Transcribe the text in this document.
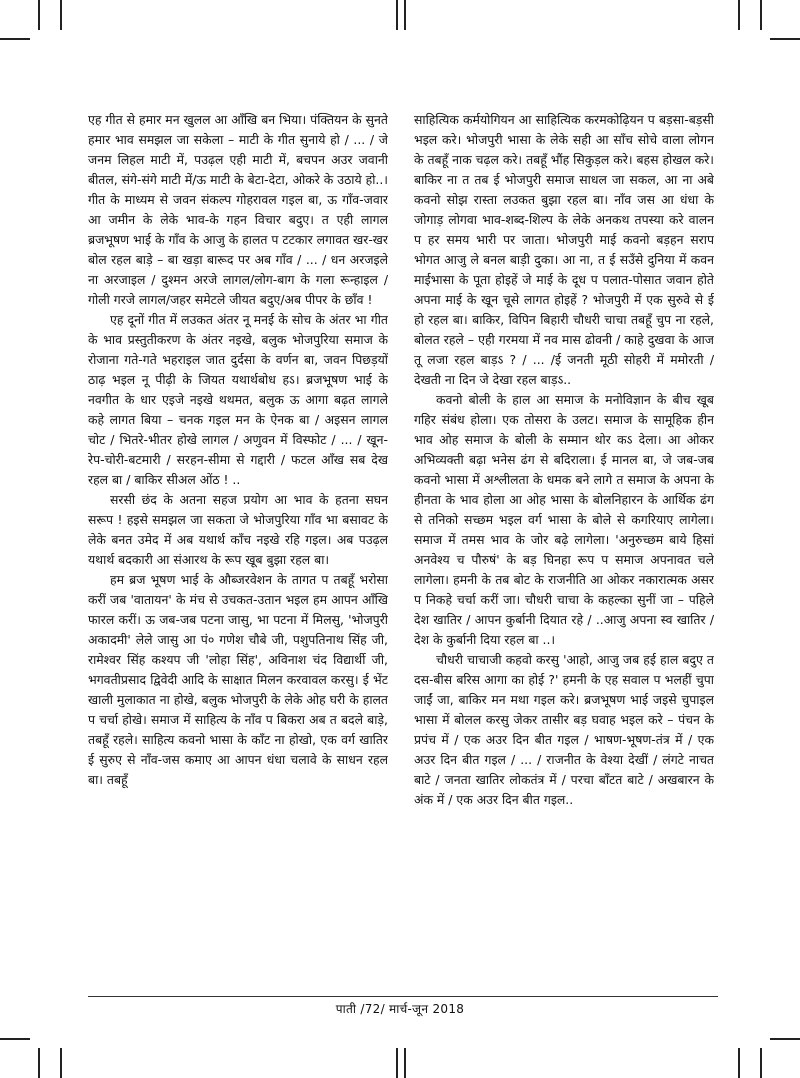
एह गीत से हमार मन खुलल आ आँखि बन भिया। पंक्तियन के सुनते हमार भाव समझल जा सकेला – माटी के गीत सुनाये हो / ... / जे जनम लिहल माटी में, पउढ़ल एही माटी में, बचपन अउर जवानी बीतल, संगे-संगे माटी में/ऊ माटी के बेटा-देटा, ओकरे के उठाये हो..। गीत के माध्यम से जवन संकल्प गोहरावल गइल बा, ऊ गाँव-जवार आ जमीन के लेके भाव-के गहन विचार बदुए। त एही लागल ब्रजभूषण भाई के गाँव के आजु के हालत प टटकार लगावत खर-खर बोल रहल बाड़े – बा खड़ा बारूद पर अब गाँव / ... / धन अरजइले ना अरजाइल / दुश्मन अरजे लागल/लोग-बाग के गला रून्हाइल / गोली गरजे लागल/जहर समेटले जीयत बदुए/अब पीपर के छाँव !

एह दूनों गीत में लउकत अंतर नू मनई के सोच के अंतर भा गीत के भाव प्रस्तुतीकरण के अंतर नइखे, बलुक भोजपुरिया समाज के रोजाना गते-गते भहराइल जात दुर्दसा के वर्णन बा, जवन पिछड़यों ठाढ़ भइल नू पीढ़ी के जियत यथार्थबोध हऽ। ब्रजभूषण भाई के नवगीत के धार एइजे नइखे थथमत, बलुक ऊ आगा बढ़त लागले कहे लागत बिया – चनक गइल मन के ऐनक बा / अइसन लागल चोट / भितरे-भीतर होखे लागल / अणुवन में विस्फोट / ... / खून-रेप-चोरी-बटमारी / सरहन-सीमा से गद्दारी / फटल आँख सब देख रहल बा / बाकिर सीअल ओंठ ! ..

सरसी छंद के अतना सहज प्रयोग आ भाव के हतना सघन सरूप ! हइसे समझल जा सकता जे भोजपुरिया गाँव भा बसावट के लेके बनत उमेद में अब यथार्थ काँच नइखे रहि गइल। अब पउढ़ल यथार्थ बदकारी आ संआरथ के रूप खूब बुझा रहल बा।

हम ब्रज भूषण भाई के औब्जरवेशन के तागत प तबहूँ भरोसा करीं जब 'वातायन' के मंच से उचकत-उतान भइल हम आपन आँखि फारल करीं। ऊ जब-जब पटना जासु, भा पटना में मिलसु, 'भोजपुरी अकादमी' लेले जासु आ पं० गणेश चौबे जी, पशुपतिनाथ सिंह जी, रामेश्वर सिंह कश्यप जी 'लोहा सिंह', अविनाश चंद विद्यार्थी जी, भगवतीप्रसाद द्विवेदी आदि के साक्षात मिलन करवावल करसु। ई भेंट खाली मुलाकात ना होखे, बलुक भोजपुरी के लेके ओह घरी के हालत प चर्चा होखे। समाज में साहित्य के नाँव प बिकरा अब त बदले बाड़े, तबहूँ रहले। साहित्य कवनो भासा के काँट ना होखो, एक वर्ग खातिर ई सुरुए से नाँव-जस कमाए आ आपन धंधा चलावे के साधन रहल बा। तबहूँ

साहित्यिक कर्मयोगियन आ साहित्यिक करमकोढ़ियन प बड़सा-बड़सी भइल करे। भोजपुरी भासा के लेके सही आ साँच सोचे वाला लोगन के तबहूँ नाक चढ़ल करे। तबहूँ भौंह सिकुड़ल करे। बहस होखल करे। बाकिर ना त तब ई भोजपुरी समाज साधल जा सकल, आ ना अबे कवनो सोझ रास्ता लउकत बुझा रहल बा। नाँव जस आ धंधा के जोगाड़ लोगवा भाव-शब्द-शिल्प के लेके अनकथ तपस्या करे वालन प हर समय भारी पर जाता। भोजपुरी माई कवनो बड़हन सराप भोगत आजु ले बनल बाड़ी दुका। आ ना, त ई सउँसे दुनिया में कवन माईभासा के पूता होइहें जे माई के दूध प पलात-पोसात जवान होते अपना माई के खून चूसे लागत होइहें ? भोजपुरी में एक सुरुवे से ई हो रहल बा। बाकिर, विपिन बिहारी चौधरी चाचा तबहूँ चुप ना रहले, बोलत रहले – एही गरमया में नव मास ढोवनी / काहे दुखवा के आज तू लजा रहल बाड़ऽ ? / ... /ई जनती मूठी सोहरी में ममोरती / देखती ना दिन जे देखा रहल बाड़ऽ..

कवनो बोली के हाल आ समाज के मनोविज्ञान के बीच खूब गहिर संबंध होला। एक तोसरा के उलट। समाज के सामूहिक हीन भाव ओह समाज के बोली के सम्मान थोर कऽ देला। आ ओकर अभिव्यक्ती बढ़ा भनेस ढंग से बदिराला। ई मानल बा, जे जब-जब कवनो भासा में अश्लीलता के धमक बने लागे त समाज के अपना के हीनता के भाव होला आ ओह भासा के बोलनिहारन के आर्थिक ढंग से तनिको सच्छम भइल वर्ग भासा के बोले से कगरियाए लागेला। समाज में तमस भाव के जोर बढ़े लागेला। 'अनुरुच्छम बाये हिसां अनवेश्य च पौरुषं' के बड़ घिनहा रूप प समाज अपनावत चले लागेला। हमनी के तब बोट के राजनीति आ ओकर नकारात्मक असर प निकहे चर्चा करीं जा। चौधरी चाचा के कहल्का सुनीं जा – पहिले देश खातिर / आपन कुर्बानी दियात रहे / ..आजु अपना स्व खातिर / देश के कुर्बानी दिया रहल बा ..।

चौधरी चाचाजी कहवो करसु 'आहो, आजु जब हई हाल बदुए त दस-बीस बरिस आगा का होई ?' हमनी के एह सवाल प भलहीं चुपा जाईं जा, बाकिर मन मथा गइल करे। ब्रजभूषण भाई जइसे चुपाइल भासा में बोलल करसु जेकर तासीर बड़ घवाह भइल करे – पंचन के प्रपंच में / एक अउर दिन बीत गइल / भाषण-भूषण-तंत्र में / एक अउर दिन बीत गइल / ... / राजनीत के वेश्या देखीं / लंगटे नाचत बाटे / जनता खातिर लोकतंत्र में / परचा बाँटत बाटे / अखबारन के अंक में / एक अउर दिन बीत गइल..

पाती /72/ मार्च-जून 2018
